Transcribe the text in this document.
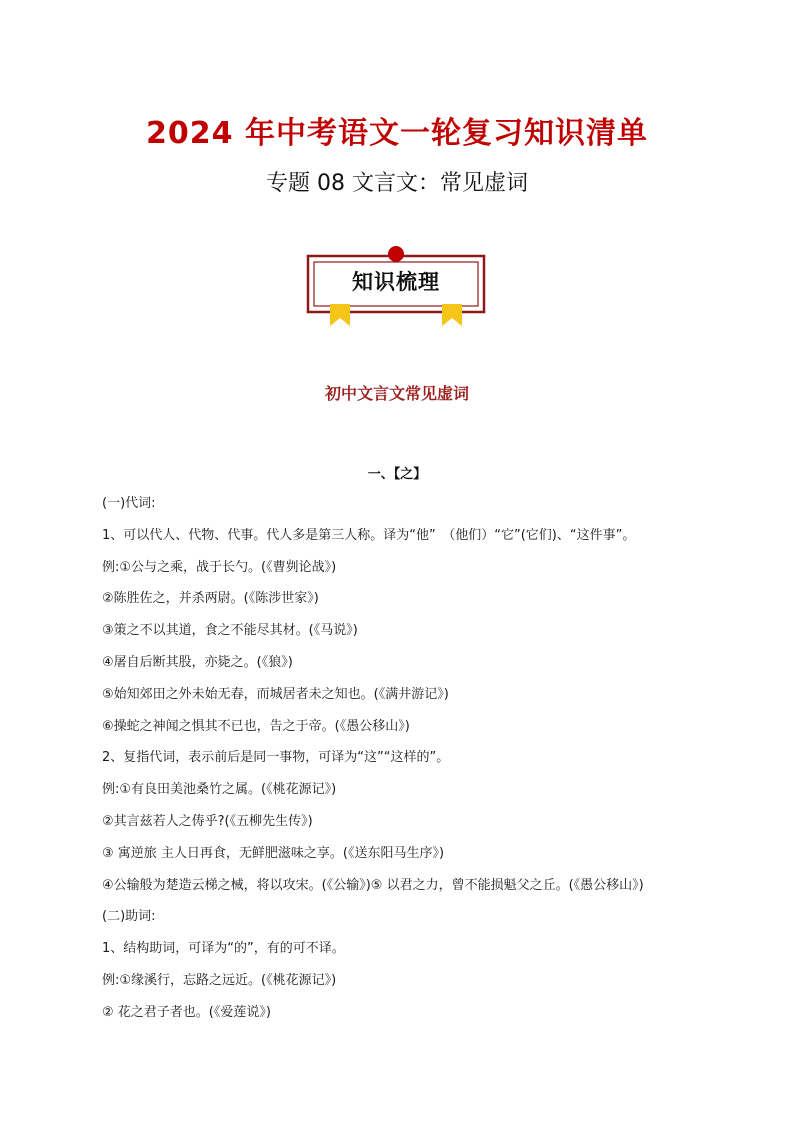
2024 年中考语文一轮复习知识清单
专题 08 文言文：常见虚词
知识梳理
初中文言文常见虚词
一、【之】
(一)代词:
1、可以代人、代物、代事。代人多是第三人称。译为“他”　（他们）“它”(它们)、“这件事”。
例:①公与之乘，战于长勺。(《曹刿论战》)
②陈胜佐之，并杀两尉。(《陈涉世家》)
③策之不以其道，食之不能尽其材。(《马说》)
④屠自后断其股，亦毙之。(《狼》)
⑤始知郊田之外未始无春，而城居者未之知也。(《满井游记》)
⑥操蛇之神闻之惧其不已也，告之于帝。(《愚公移山》)
2、复指代词，表示前后是同一事物，可译为“这”“这样的”。
例:①有良田美池桑竹之属。(《桃花源记》)
②其言兹若人之俦乎?(《五柳先生传》)
③ 寓逆旅 主人日再食，无鲜肥滋味之享。(《送东阳马生序》)
④公输般为楚造云梯之械，将以攻宋。(《公输》)⑤ 以君之力，曾不能损魁父之丘。(《愚公移山》)
(二)助词:
1、结构助词，可译为“的”，有的可不译。
例:①缘溪行，忘路之远近。(《桃花源记》)
② 花之君子者也。(《爱莲说》)
